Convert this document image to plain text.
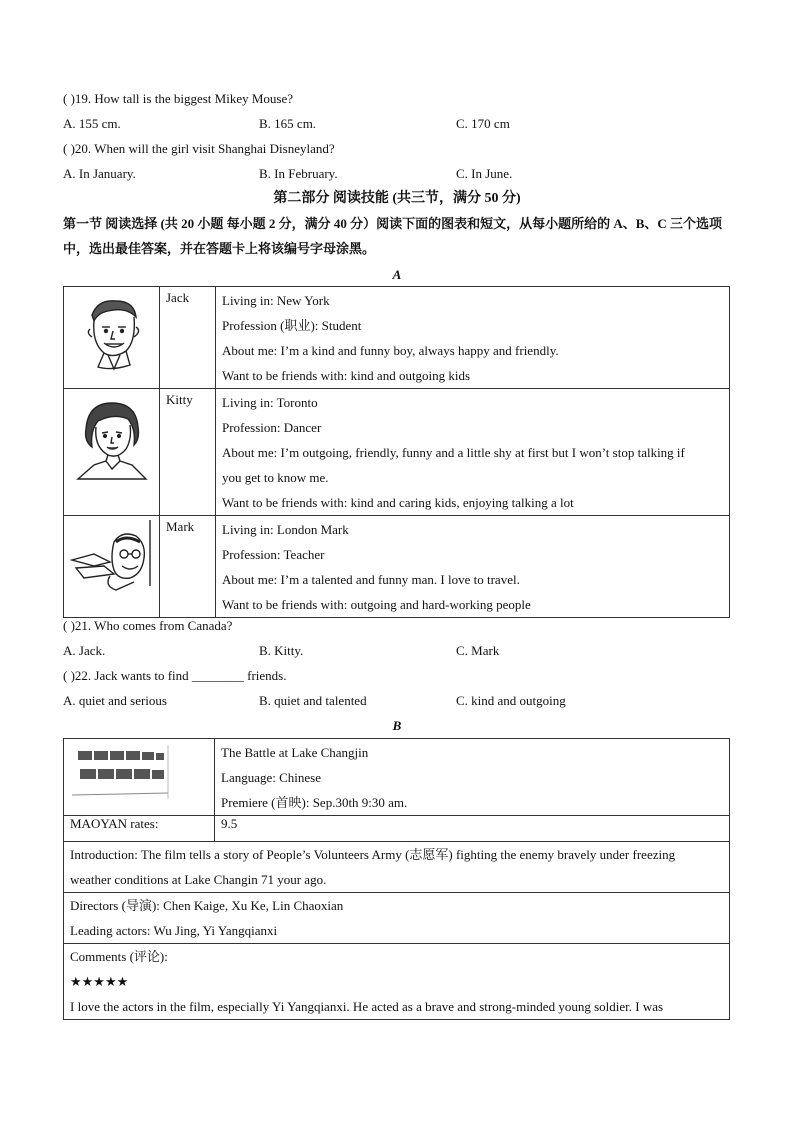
( )19. How tall is the biggest Mikey Mouse?
A. 155 cm.	B. 165 cm.	C. 170 cm
( )20. When will the girl visit Shanghai Disneyland?
A. In January.	B. In February.	C. In June.
第二部分 阅读技能 (共三节，满分 50 分)
第一节 阅读选择 (共 20 小题 每小题 2 分，满分 40 分）阅读下面的图表和短文，从每小题所给的 A、B、C 三个选项中，选出最佳答案，并在答题卡上将该编号字母涂黑。
A
	Jack	Living in: New York
Profession (职业): Student
About me: I’m a kind and funny boy, always happy and friendly.
Want to be friends with: kind and outgoing kids

	Kitty	Living in: Toronto
Profession: Dancer
About me: I’m outgoing, friendly, funny and a little shy at first but I won’t stop talking if
you get to know me.
Want to be friends with: kind and caring kids, enjoying talking a lot

	Mark	Living in: London Mark
Profession: Teacher
About me: I’m a talented and funny man. I love to travel.
Want to be friends with: outgoing and hard-working people
( )21. Who comes from Canada?
A. Jack.	B. Kitty.	C. Mark
( )22. Jack wants to find ________ friends.
A. quiet and serious	B. quiet and talented	C. kind and outgoing
B

The Battle at Lake Changjin
Language: Chinese
Premiere (首映): Sep.30th 9:30 am.

MAOYAN rates:	9.5

Introduction: The film tells a story of People’s Volunteers Army (志愿军) fighting the enemy bravely under freezing
weather conditions at Lake Changin 71 your ago.	

Directors (导演): Chen Kaige, Xu Ke, Lin Chaoxian
Leading actors: Wu Jing, Yi Yangqianxi	

Comments (评论):
★★★★★
I love the actors in the film, especially Yi Yangqianxi. He acted as a brave and strong-minded young soldier. I was	
